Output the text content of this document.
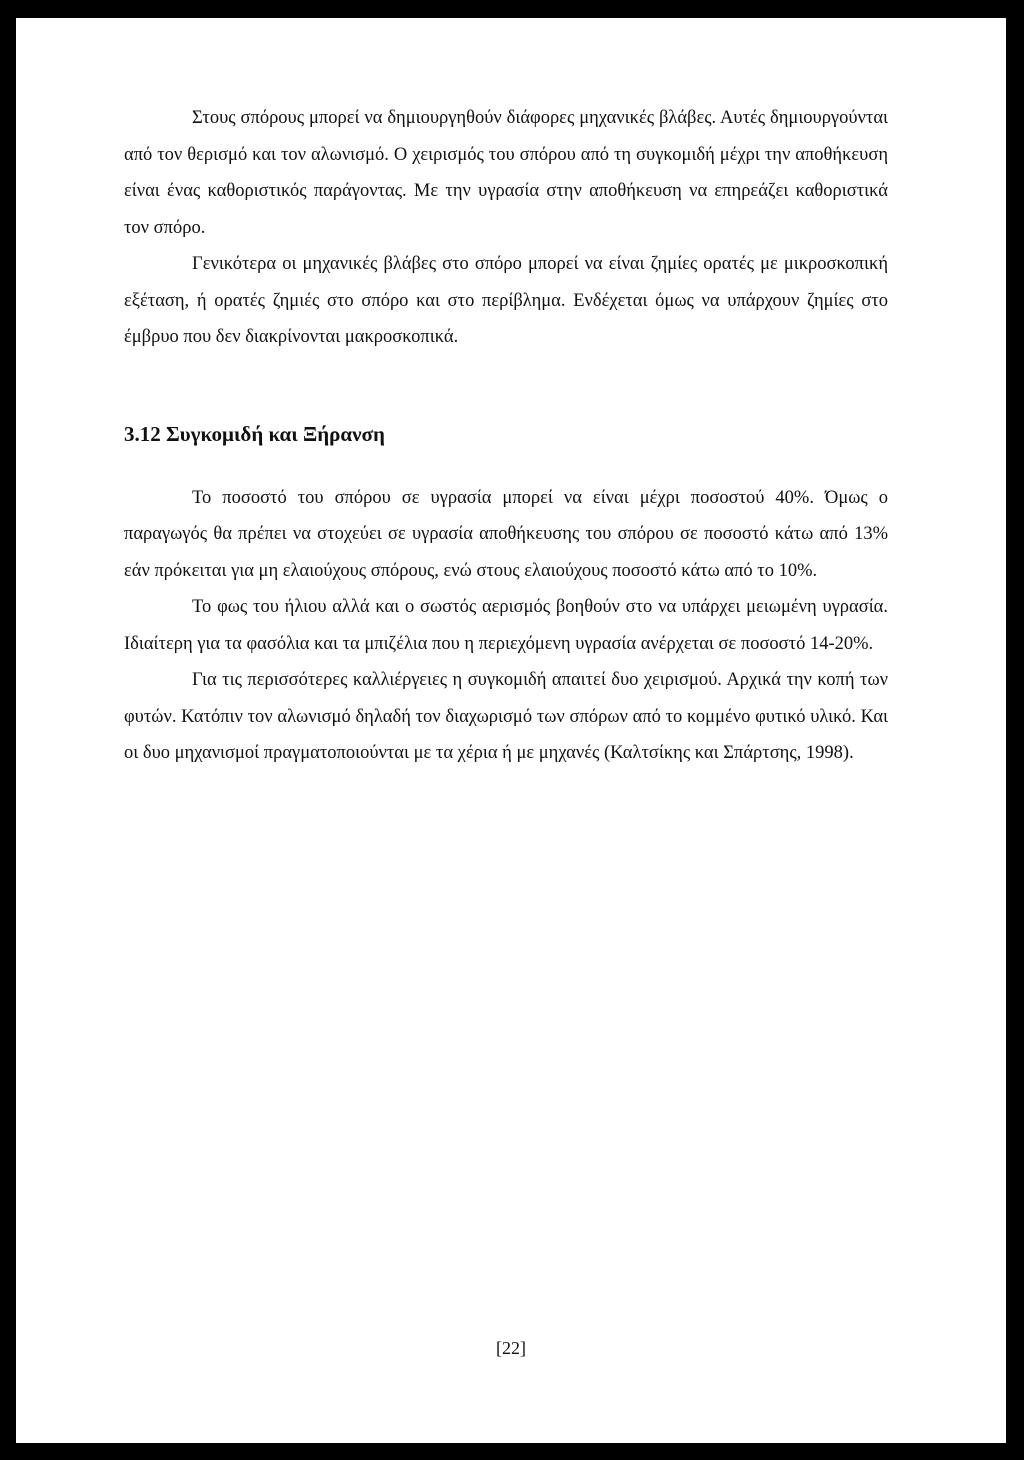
Στους σπόρους μπορεί να δημιουργηθούν διάφορες μηχανικές βλάβες. Αυτές δημιουργούνται από τον θερισμό και τον αλωνισμό. Ο χειρισμός του σπόρου από τη συγκομιδή μέχρι την αποθήκευση είναι ένας καθοριστικός παράγοντας. Με την υγρασία στην αποθήκευση να επηρεάζει καθοριστικά τον σπόρο.

Γενικότερα οι μηχανικές βλάβες στο σπόρο μπορεί να είναι ζημίες ορατές με μικροσκοπική εξέταση, ή ορατές ζημιές στο σπόρο και στο περίβλημα. Ενδέχεται όμως να υπάρχουν ζημίες στο έμβρυο που δεν διακρίνονται μακροσκοπικά.

3.12 Συγκομιδή και Ξήρανση

Το ποσοστό του σπόρου σε υγρασία μπορεί να είναι μέχρι ποσοστού 40%. Όμως ο παραγωγός θα πρέπει να στοχεύει σε υγρασία αποθήκευσης του σπόρου σε ποσοστό κάτω από 13% εάν πρόκειται για μη ελαιούχους σπόρους, ενώ στους ελαιούχους ποσοστό κάτω από το 10%.

Το φως του ήλιου αλλά και ο σωστός αερισμός βοηθούν στο να υπάρχει μειωμένη υγρασία. Ιδιαίτερη για τα φασόλια και τα μπιζέλια που η περιεχόμενη υγρασία ανέρχεται σε ποσοστό 14-20%.

Για τις περισσότερες καλλιέργειες η συγκομιδή απαιτεί δυο χειρισμού. Αρχικά την κοπή των φυτών. Κατόπιν τον αλωνισμό δηλαδή τον διαχωρισμό των σπόρων από το κομμένο φυτικό υλικό. Και οι δυο μηχανισμοί πραγματοποιούνται με τα χέρια ή με μηχανές (Καλτσίκης και Σπάρτσης, 1998).

[22]
